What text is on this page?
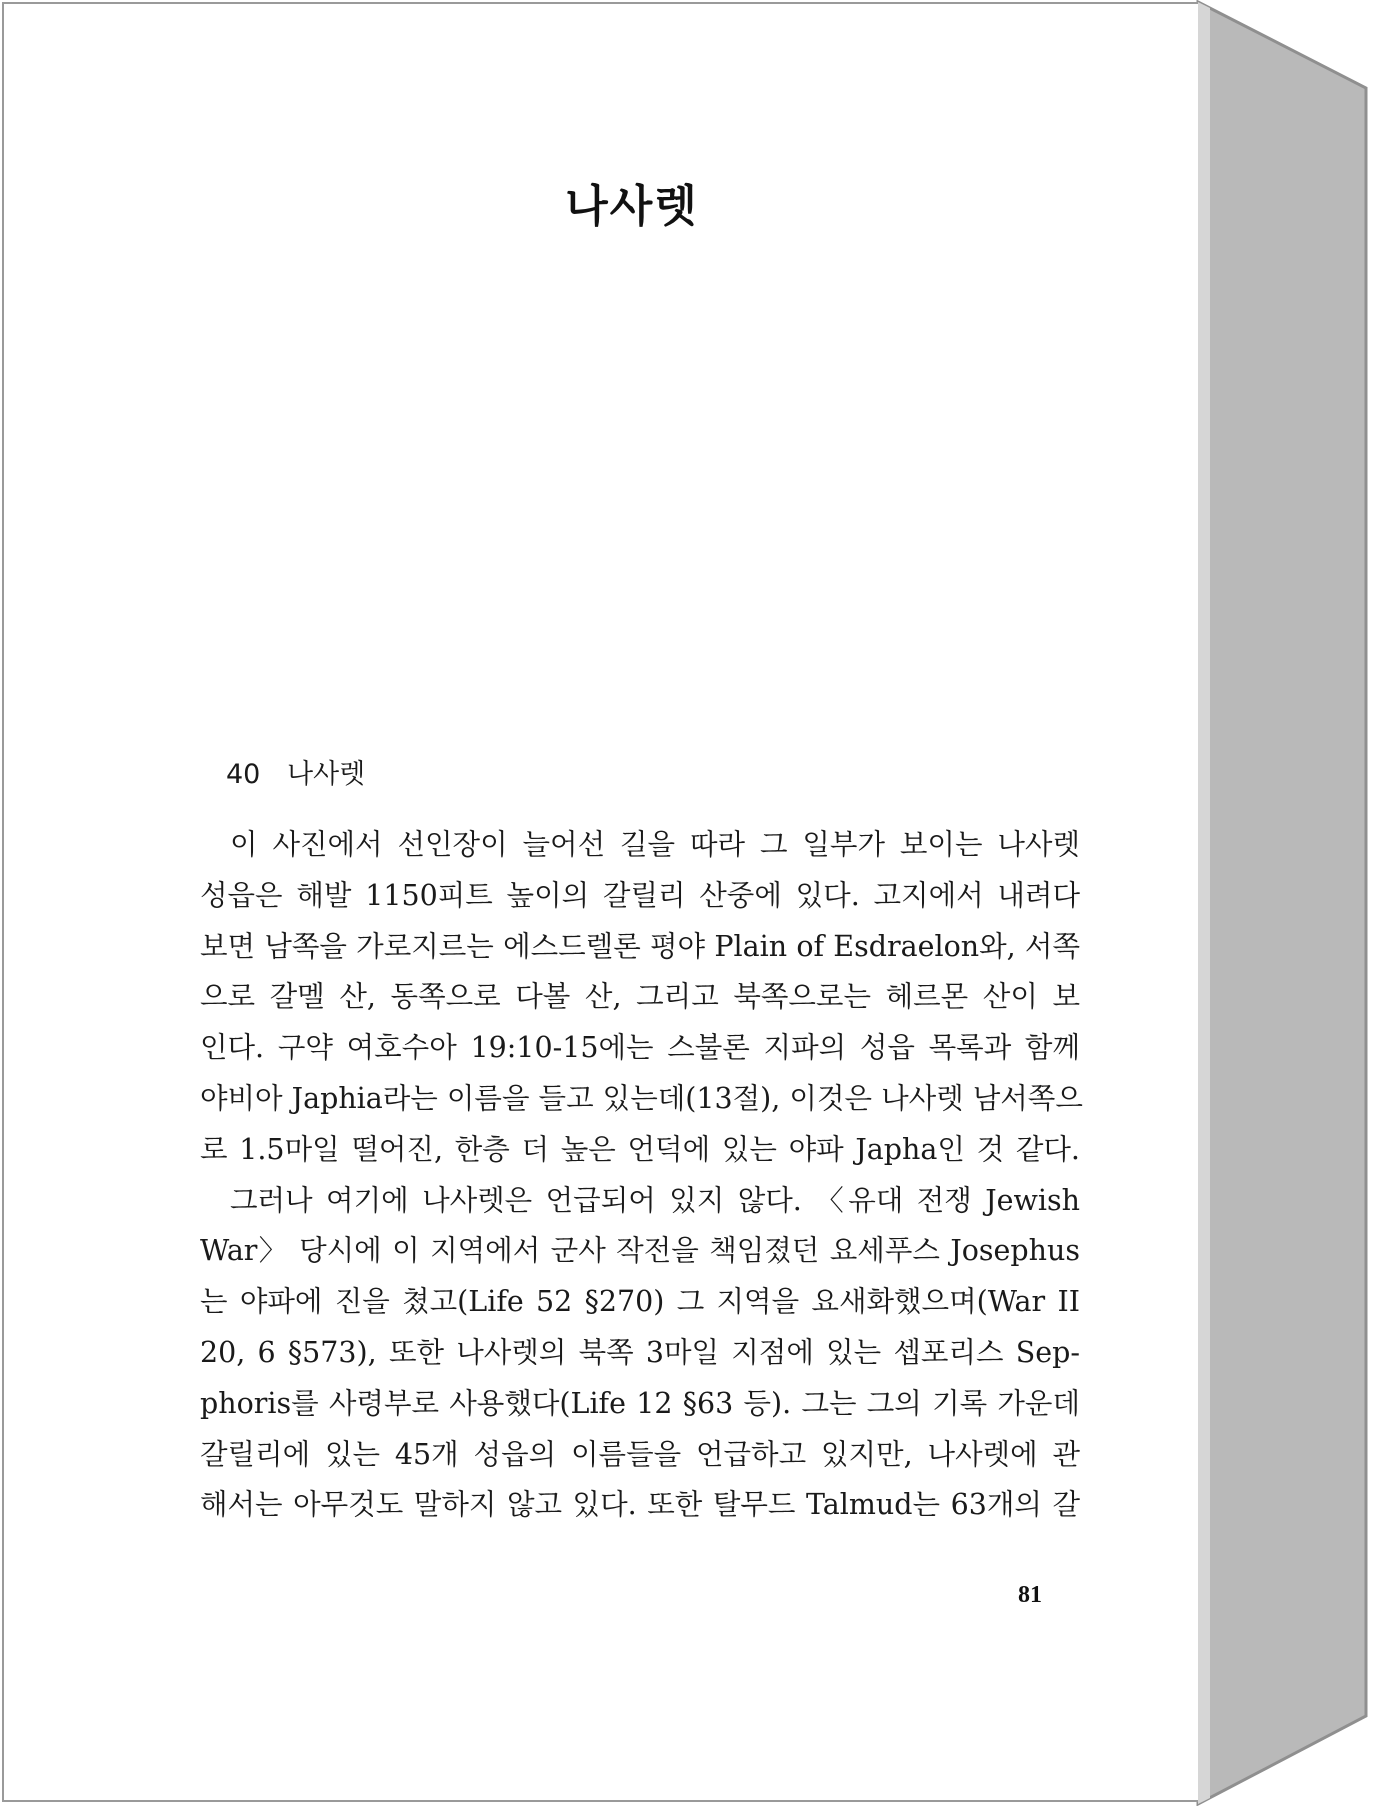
나사렛
40 나사렛
이 사진에서 선인장이 늘어선 길을 따라 그 일부가 보이는 나사렛
성읍은 해발 1150피트 높이의 갈릴리 산중에 있다. 고지에서 내려다
보면 남쪽을 가로지르는 에스드렐론 평야 Plain of Esdraelon와, 서쪽
으로 갈멜 산, 동쪽으로 다볼 산, 그리고 북쪽으로는 헤르몬 산이 보
인다. 구약 여호수아 19:10-15에는 스불론 지파의 성읍 목록과 함께
야비아 Japhia라는 이름을 들고 있는데(13절), 이것은 나사렛 남서쪽으
로 1.5마일 떨어진, 한층 더 높은 언덕에 있는 야파 Japha인 것 같다.
그러나 여기에 나사렛은 언급되어 있지 않다. 〈유대 전쟁 Jewish
War〉 당시에 이 지역에서 군사 작전을 책임졌던 요세푸스 Josephus
는 야파에 진을 쳤고(Life 52 §270) 그 지역을 요새화했으며(War II
20, 6 §573), 또한 나사렛의 북쪽 3마일 지점에 있는 셉포리스 Sep-
phoris를 사령부로 사용했다(Life 12 §63 등). 그는 그의 기록 가운데
갈릴리에 있는 45개 성읍의 이름들을 언급하고 있지만, 나사렛에 관
해서는 아무것도 말하지 않고 있다. 또한 탈무드 Talmud는 63개의 갈
81
